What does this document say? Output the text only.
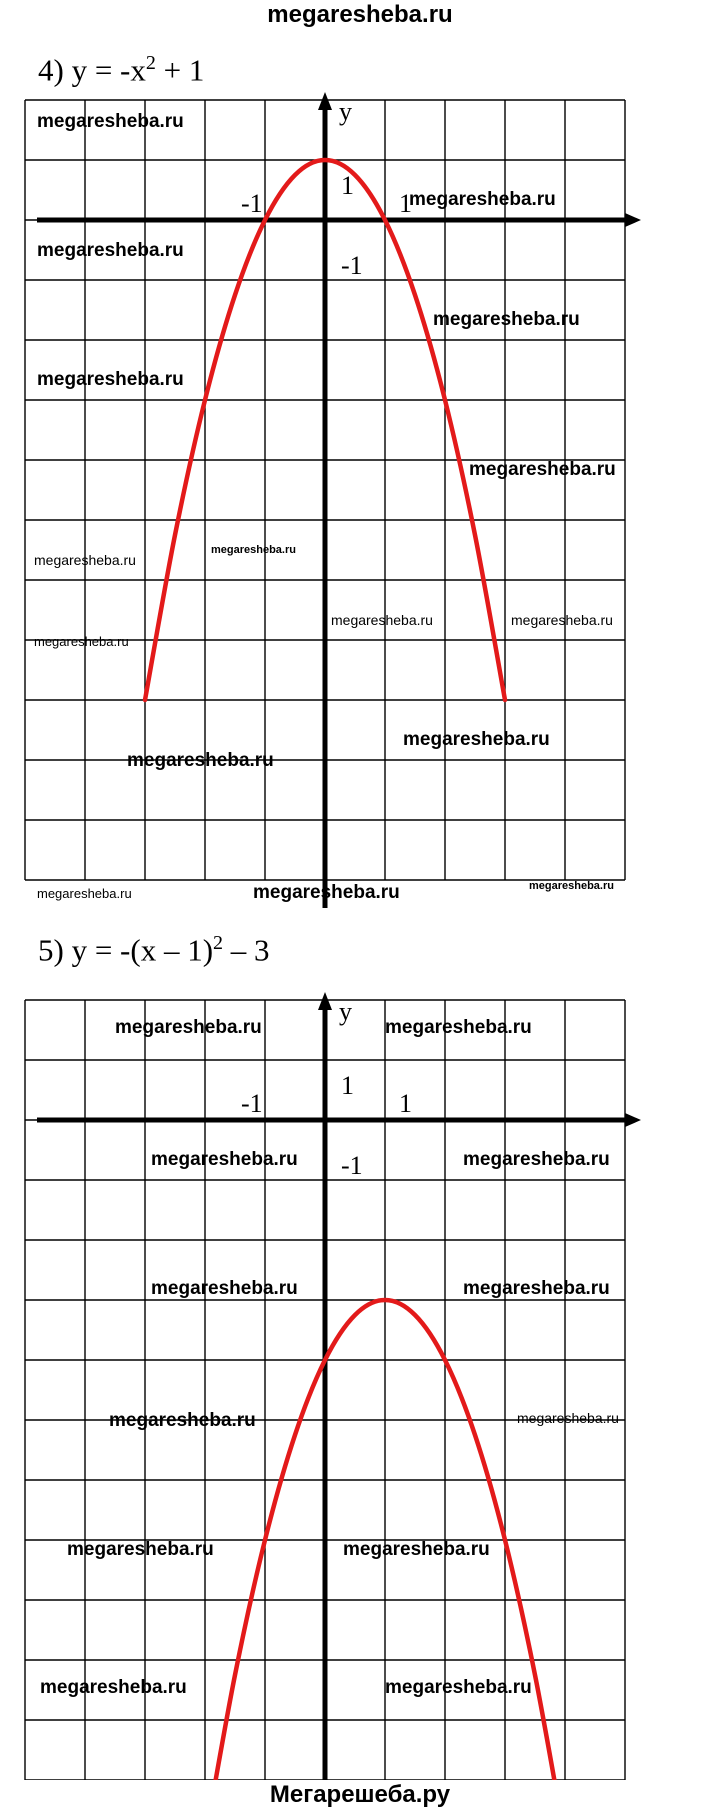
megaresheba.ru
4) $y = -x^2 + 1$
megaresheba.ru
megaresheba.ru
megaresheba.ru
megaresheba.ru
megaresheba.ru
megaresheba.ru
megaresheba.ru
megaresheba.ru
megaresheba.ru	megaresheba.ru
megaresheba.ru
megaresheba.ru
megaresheba.ru
megaresheba.ru	megaresheba.ru	megaresheba.ru
y
-1	1
1
-1
5) y = -(x – 1)$^2$ – 3
megaresheba.ru	megaresheba.ru
megaresheba.ru	megaresheba.ru
megaresheba.ru	megaresheba.ru
megaresheba.ru	megaresheba.ru
megaresheba.ru	megaresheba.ru
megaresheba.ru	megaresheba.ru
y
-1	1
1
-1
Мегарешеба.ру
